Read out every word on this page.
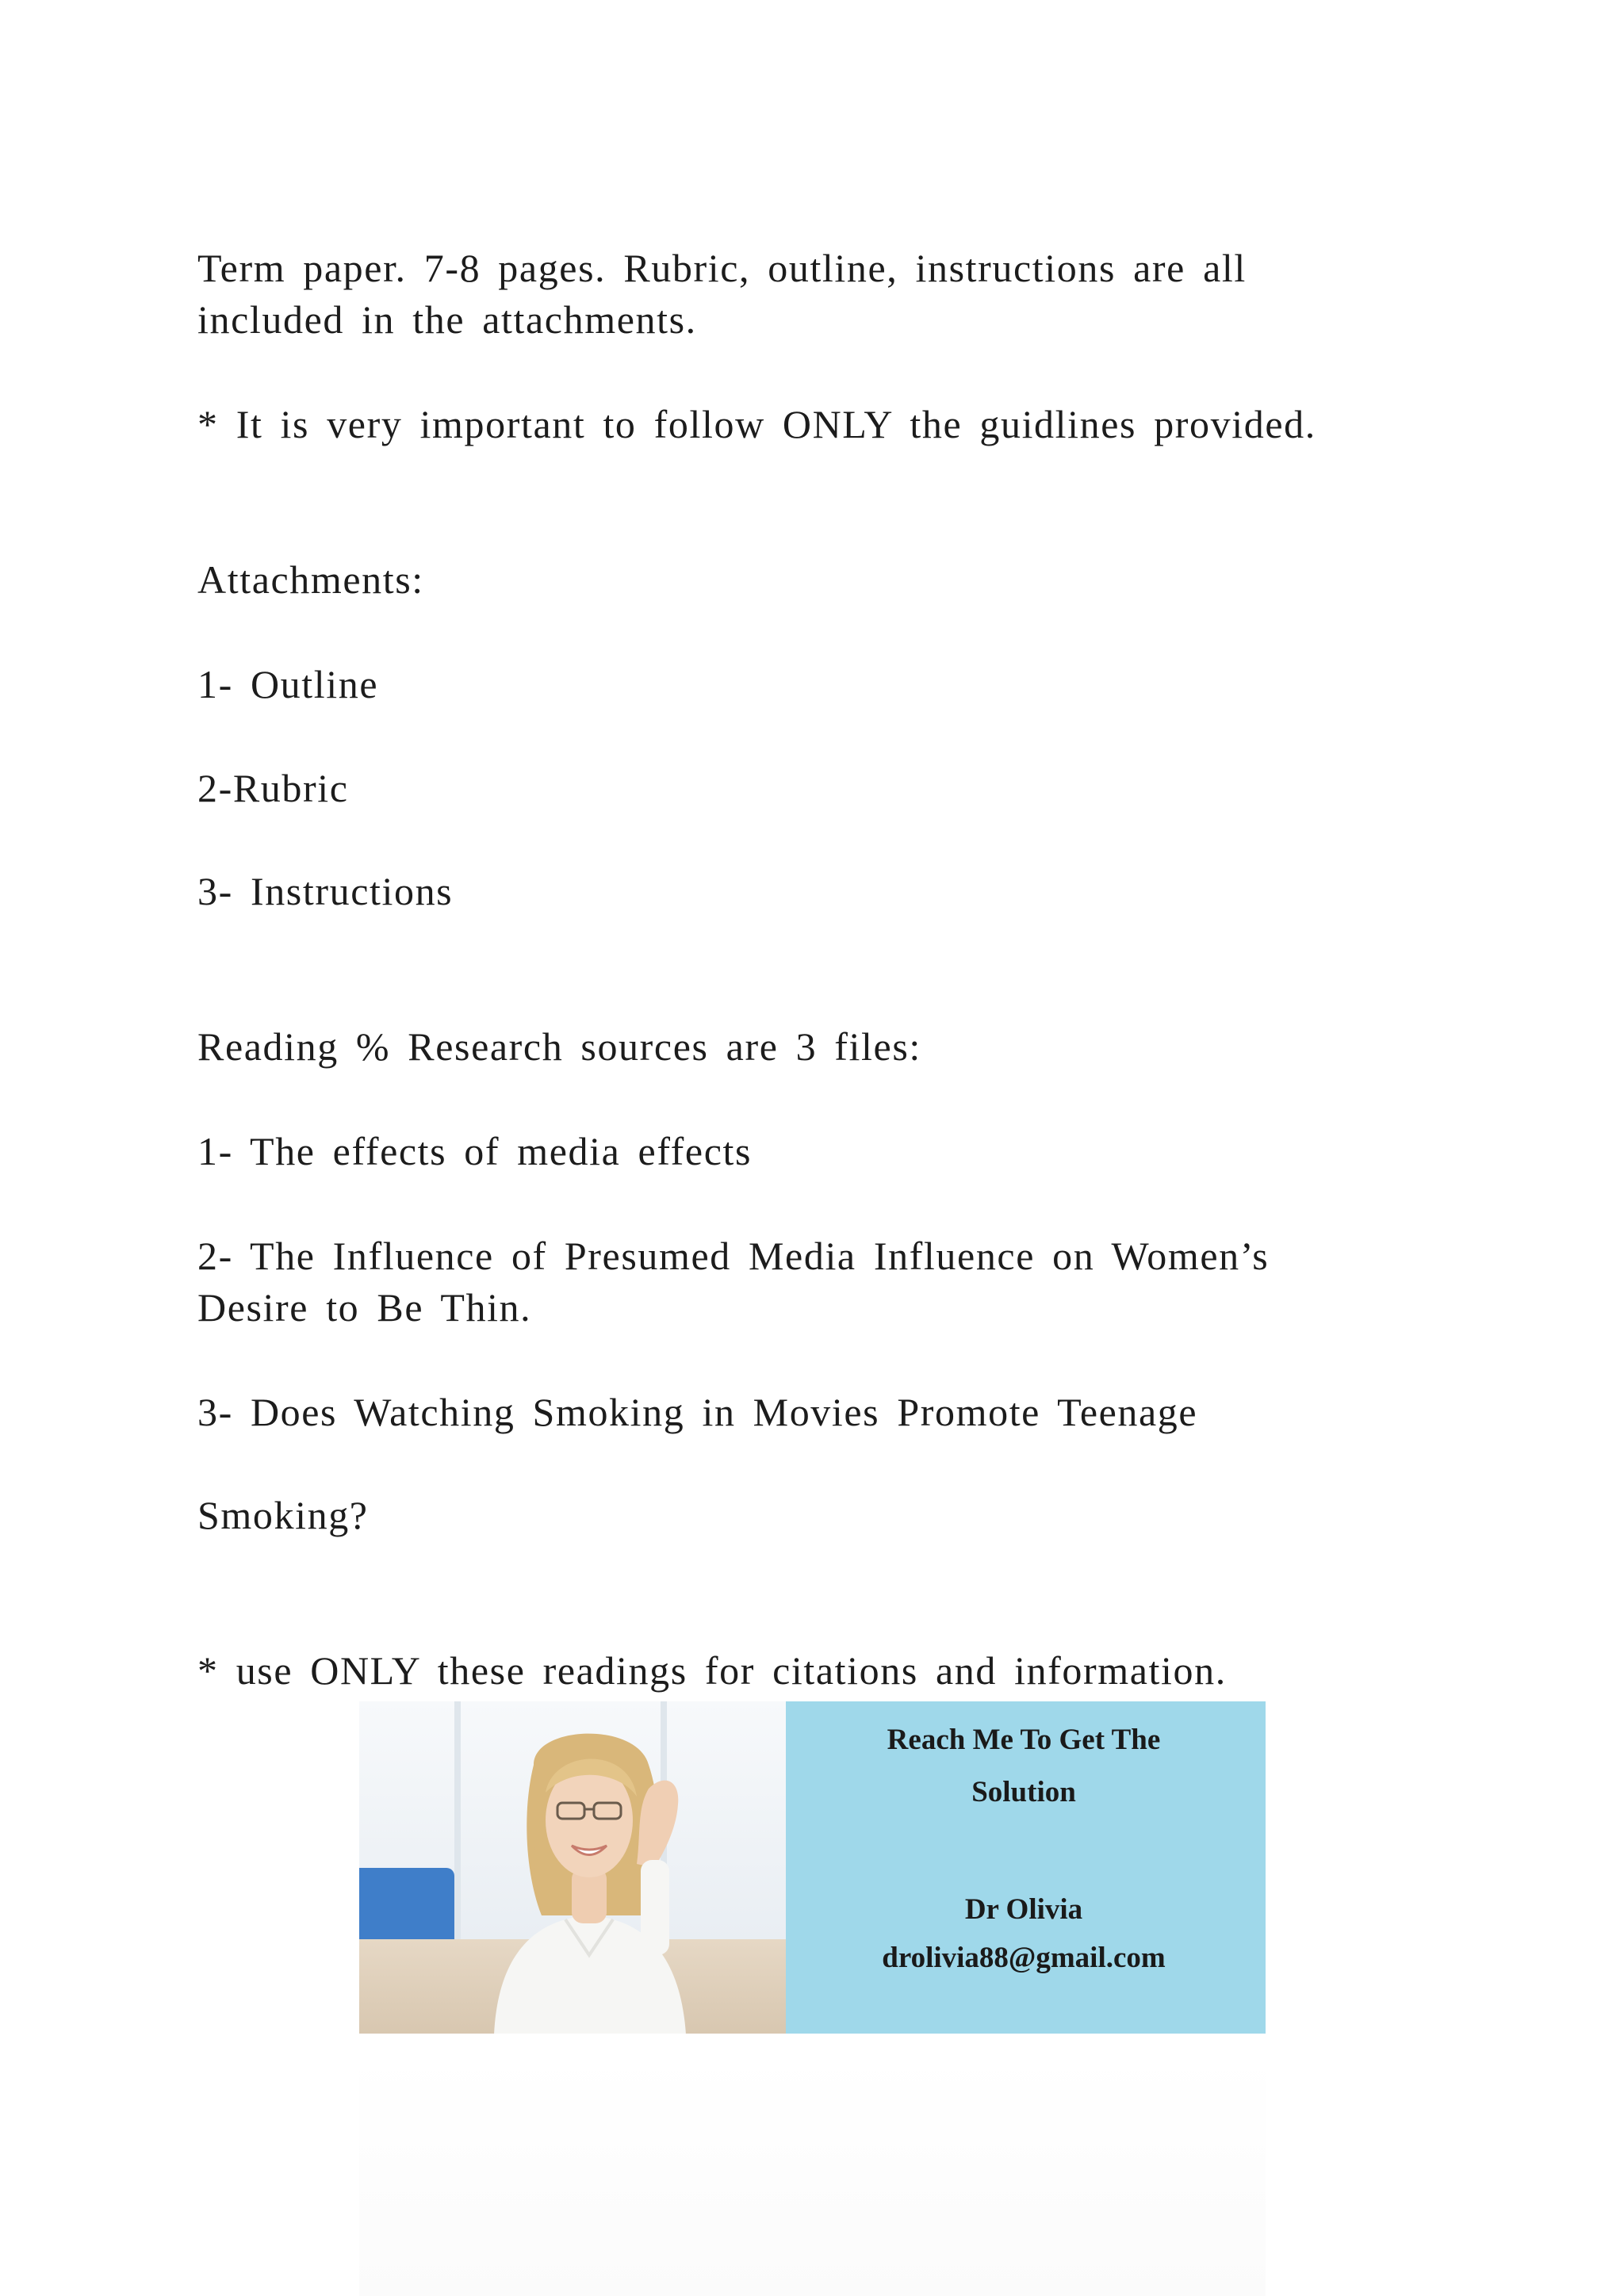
Term paper. 7-8 pages. Rubric, outline, instructions are all
included in the attachments.
* It is very important to follow ONLY the guidlines provided.
Attachments:
1- Outline
2-Rubric
3- Instructions
Reading % Research sources are 3 files:
1- The effects of media effects
2- The Influence of Presumed Media Influence on Women’s
Desire to Be Thin.
3- Does Watching Smoking in Movies Promote Teenage
Smoking?
* use ONLY these readings for citations and information.
Reach Me To Get The
Solution
Dr Olivia
drolivia88@gmail.com
